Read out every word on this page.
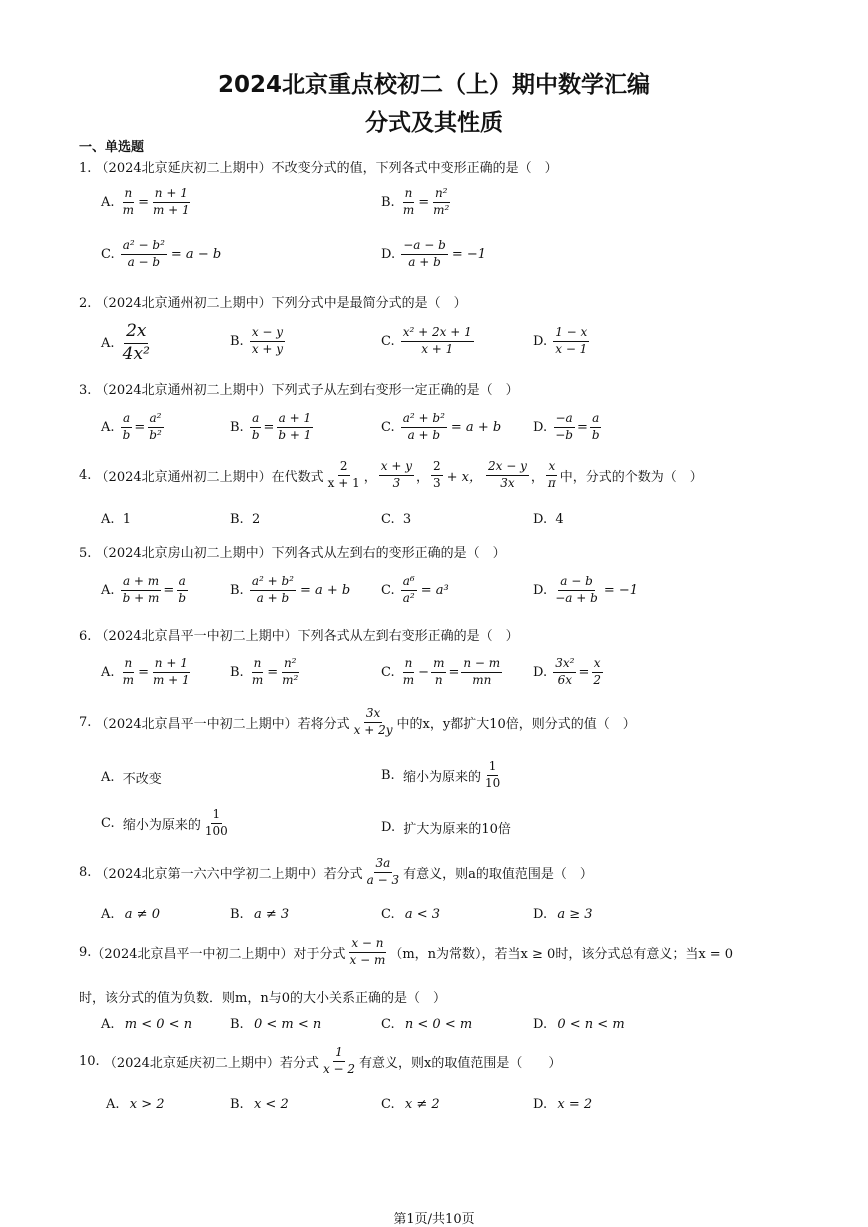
2024北京重点校初二（上）期中数学汇编
分式及其性质
一、单选题
1. （2024北京延庆初二上期中）不改变分式的值，下列各式中变形正确的是（　）
A.
$\frac{n}{m} = \frac{n + 1}{m + 1}$	B.
$\frac{n}{m} = \frac{\text{n²}}{\text{m²}}$
C.
$\frac{\text{a² − b²}}{a - b} = a - b$	D.
$\frac{-a - b}{a + b} = -1$
2. （2024北京通州初二上期中）下列分式中是最简分式的是（　）
A.

2x
4x²
B.

x − y
x + y	C.

x² + 2x + 1
x + 1	D.

1 − x
x − 1
3. （2024北京通州初二上期中）下列式子从左到右变形一定正确的是（　）
A.
$\frac{a}{b} = \frac{\text{a²}}{\text{b²}}$	B.
$\frac{a}{b} = \frac{a + 1}{b + 1}$	C.
$\frac{\text{a² + b²}}{a + b} = a + b$ D.
$\frac{-a}{-b} = \frac{a}{b}$
4.
（2024北京通州初二上期中） 在代数式
2
x + 1 ，
x + y
3 ，
2
3 + x，
2x − y
3x ，
x
π 中，分式的个数为（　）
A.
1	B.
2	C.
3	D.
4
5. （2024北京房山初二上期中）下列各式从左到右的变形正确的是（　）
A.
$\frac{a + m}{b + m} = \frac{a}{b}$	B.
$\frac{\text{a² + b²}}{a + b} = a + b$ C.
$\frac{\text{a⁶}}{\text{a²}} = a^3$	D.
$\frac{a - b}{-a + b} = -1$
6. （2024北京昌平一中初二上期中）下列各式从左到右变形正确的是（　）
A.
$\frac{n}{m} = \frac{n + 1}{m + 1}$	B.
$\frac{n}{m} = \frac{\text{n²}}{\text{m²}}$	C.

n
$m - \frac{m}{n} = \frac{n - m}{mn} D$.
$\frac{\text{3x²}}{6x} = \frac{x}{2}$
7.
（2024北京昌平一中初二上期中） 若将分式
3x
x + 2y 中的x，y都扩大10倍，则分式的值（　）
A.
不改变	B.
缩小为原来的
1
10
C.
缩小为原来的
1
100	D.
扩大为原来的10倍
8.
（2024北京第一六六中学初二上期中） 若分式
3a
a − 3 有意义，则a的取值范围是（　）
A.
a ≠ 0	B.
a ≠ 3	C.
a < 3	D.
a ≥ 3
9. （2024北京昌平一中初二上期中） 对于分式
x − n
x − m （m，n为常数），若当x ≥ 0时，该分式总有意义；当x = 0
时，该分式的值为负数．则m，n与0的大小关系正确的是（　）
A.
m < 0 < n	B.
0 < m < n	C.
n < 0 < m	D.
0 < n < m
10.
（2024北京延庆初二上期中） 若分式
1
x − 2 有意义，则x的取值范围是（　　）
A.
x > 2	B.
x < 2	C.
x ≠ 2	D.
x = 2
第1页/共10页
